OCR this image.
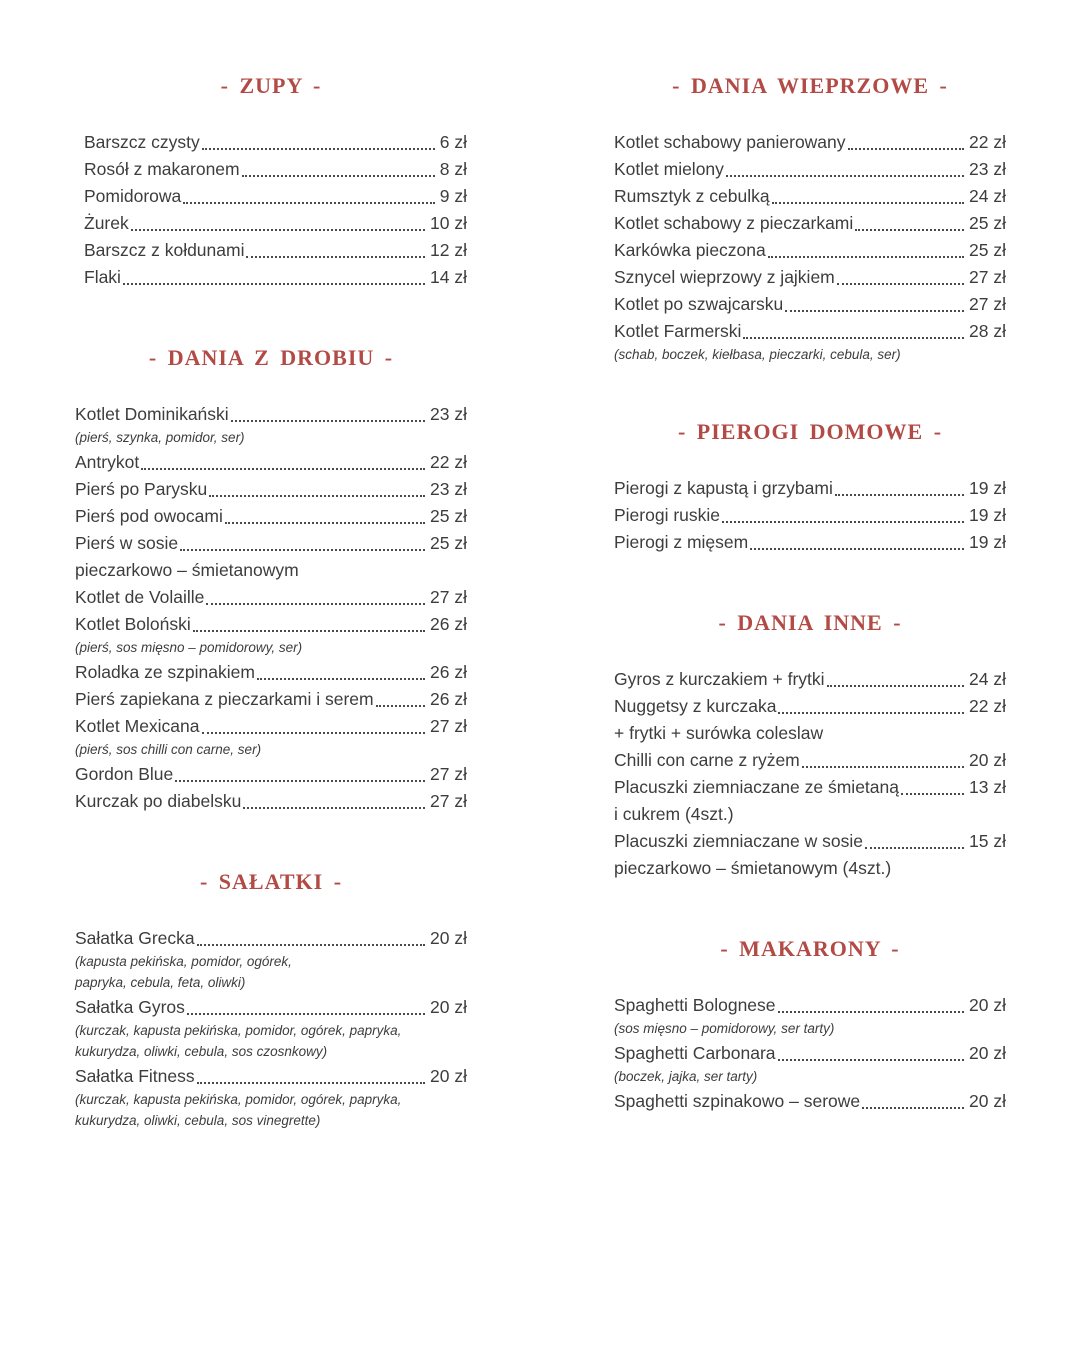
- ZUPY -
Barszcz czysty	6 zł
Rosół z makaronem	8 zł
Pomidorowa	9 zł
Żurek	10 zł
Barszcz z kołdunami	12 zł
Flaki	14 zł
- DANIA Z DROBIU -
Kotlet Dominikański	23 zł
(pierś, szynka, pomidor, ser)
Antrykot	22 zł
Pierś po Parysku	23 zł
Pierś pod owocami	25 zł
Pierś w sosie	25 zł
pieczarkowo – śmietanowym
Kotlet de Volaille	27 zł
Kotlet Boloński	26 zł
(pierś, sos mięsno – pomidorowy, ser)
Roladka ze szpinakiem	26 zł
Pierś zapiekana z pieczarkami i serem	26 zł
Kotlet Mexicana	27 zł
(pierś, sos chilli con carne, ser)
Gordon Blue	27 zł
Kurczak po diabelsku	27 zł
- SAŁATKI -
Sałatka Grecka	20 zł
(kapusta pekińska, pomidor, ogórek,
papryka, cebula, feta, oliwki)
Sałatka Gyros	20 zł
(kurczak, kapusta pekińska, pomidor, ogórek, papryka,
kukurydza, oliwki, cebula, sos czosnkowy)
Sałatka Fitness	20 zł
(kurczak, kapusta pekińska, pomidor, ogórek, papryka,
kukurydza, oliwki, cebula, sos vinegrette)
- DANIA WIEPRZOWE -
Kotlet schabowy panierowany	22 zł
Kotlet mielony	23 zł
Rumsztyk z cebulką	24 zł
Kotlet schabowy z pieczarkami	25 zł
Karkówka pieczona	25 zł
Sznycel wieprzowy z jajkiem	27 zł
Kotlet po szwajcarsku	27 zł
Kotlet Farmerski	28 zł
(schab, boczek, kiełbasa, pieczarki, cebula, ser)
- PIEROGI DOMOWE -
Pierogi z kapustą i grzybami	19 zł
Pierogi ruskie	19 zł
Pierogi z mięsem	19 zł
- DANIA INNE -
Gyros z kurczakiem + frytki	24 zł
Nuggetsy z kurczaka	22 zł
+ frytki + surówka coleslaw
Chilli con carne z ryżem	20 zł
Placuszki ziemniaczane ze śmietaną	13 zł
i cukrem (4szt.)
Placuszki ziemniaczane w sosie	15 zł
pieczarkowo – śmietanowym (4szt.)
- MAKARONY -
Spaghetti Bolognese	20 zł
(sos mięsno – pomidorowy, ser tarty)
Spaghetti Carbonara	20 zł
(boczek, jajka, ser tarty)
Spaghetti szpinakowo – serowe	20 zł
